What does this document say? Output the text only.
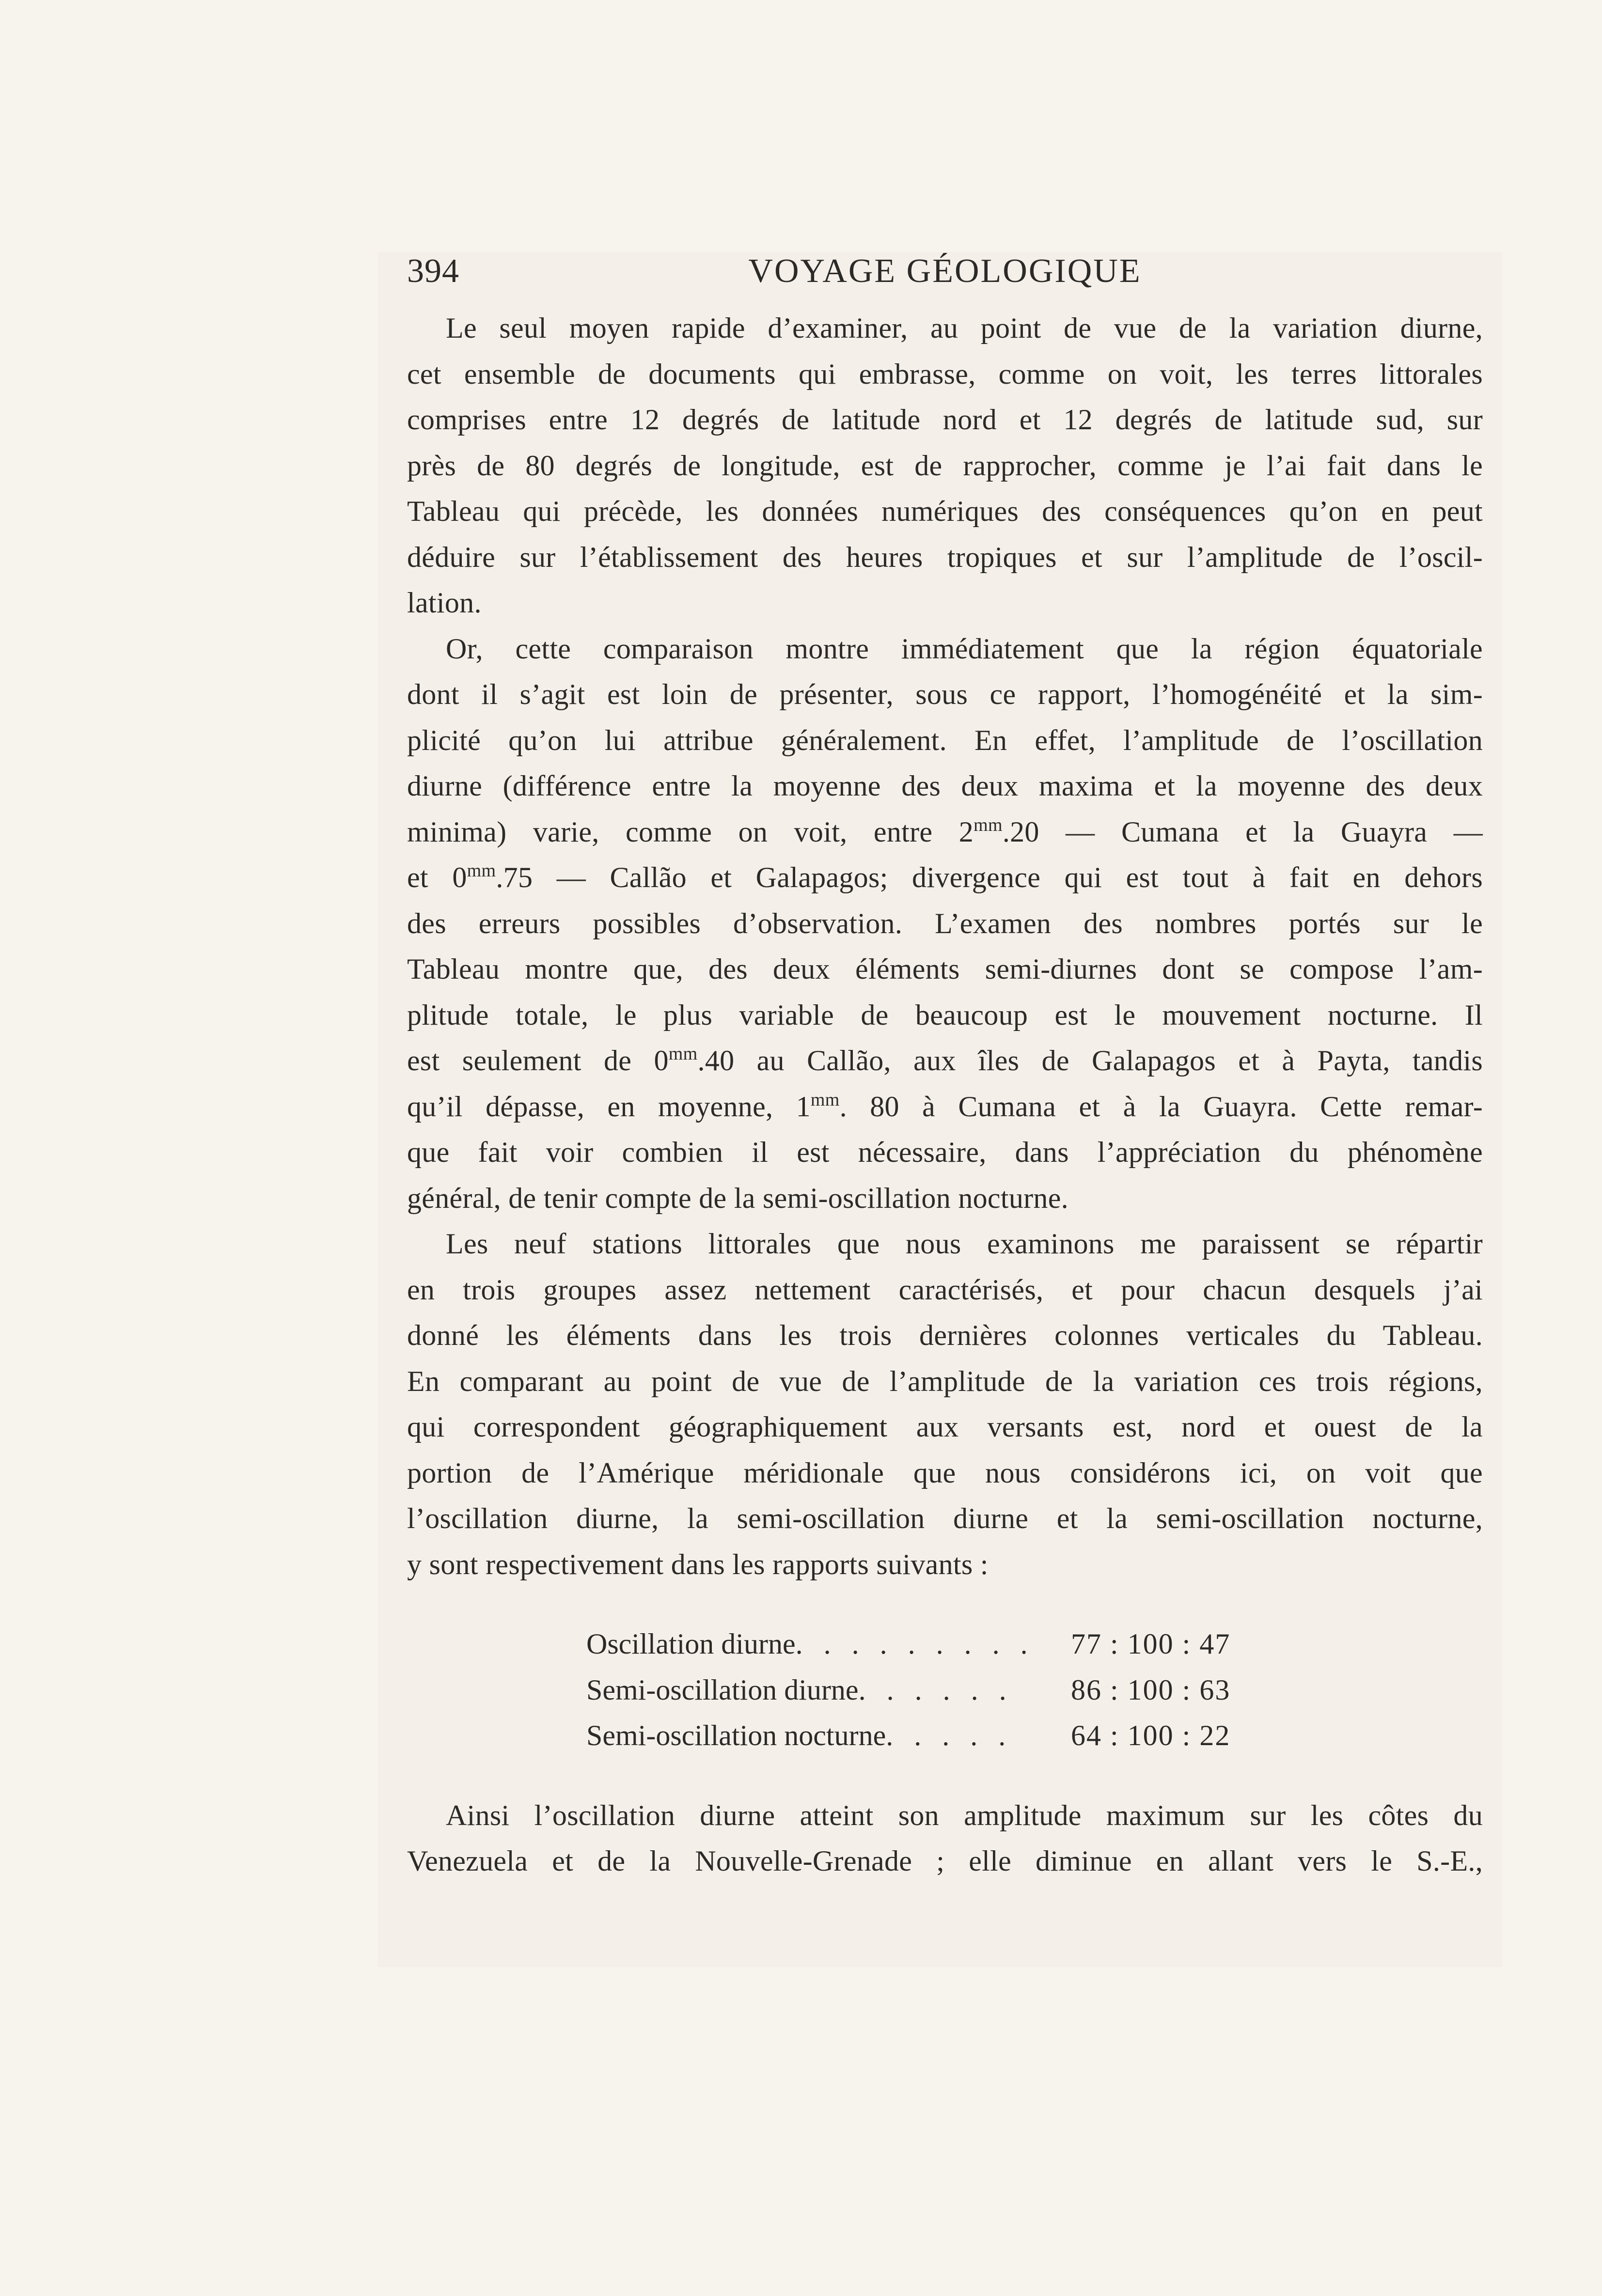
394	VOYAGE GÉOLOGIQUE

Le seul moyen rapide d’examiner, au point de vue de la variation diurne,
cet ensemble de documents qui embrasse, comme on voit, les terres littorales
comprises entre 12 degrés de latitude nord et 12 degrés de latitude sud, sur
près de 80 degrés de longitude, est de rapprocher, comme je l’ai fait dans le
Tableau qui précède, les données numériques des conséquences qu’on en peut
déduire sur l’établissement des heures tropiques et sur l’amplitude de l’oscil-
lation.

Or, cette comparaison montre immédiatement que la région équatoriale
dont il s’agit est loin de présenter, sous ce rapport, l’homogénéité et la sim-
plicité qu’on lui attribue généralement. En effet, l’amplitude de l’oscillation
diurne (différence entre la moyenne des deux maxima et la moyenne des deux
minima) varie, comme on voit, entre $2^{mm}.20$ — Cumana et la Guayra —
et $0^{mm}.75$ — Callão et Galapagos; divergence qui est tout à fait en dehors
des erreurs possibles d’observation. L’examen des nombres portés sur le
Tableau montre que, des deux éléments semi-diurnes dont se compose l’am-
plitude totale, le plus variable de beaucoup est le mouvement nocturne. Il
est seulement de $0^{mm}.40$ au Callão, aux îles de Galapagos et à Payta, tandis
qu’il dépasse, en moyenne, $1^{mm}$. 80 à Cumana et à la Guayra. Cette remar-
que fait voir combien il est nécessaire, dans l’appréciation du phénomène
général, de tenir compte de la semi-oscillation nocturne.

Les neuf stations littorales que nous examinons me paraissent se répartir
en trois groupes assez nettement caractérisés, et pour chacun desquels j’ai
donné les éléments dans les trois dernières colonnes verticales du Tableau.
En comparant au point de vue de l’amplitude de la variation ces trois régions,
qui correspondent géographiquement aux versants est, nord et ouest de la
portion de l’Amérique méridionale que nous considérons ici, on voit que
l’oscillation diurne, la semi-oscillation diurne et la semi-oscillation nocturne,
y sont respectivement dans les rapports suivants :

Oscillation diurne . . . . . . . . .	77 : 100 : 47
Semi-oscillation diurne . . . . . .	86 : 100 : 63
Semi-oscillation nocturne . . . . .	64 : 100 : 22

Ainsi l’oscillation diurne atteint son amplitude maximum sur les côtes du
Venezuela et de la Nouvelle-Grenade ; elle diminue en allant vers le S.-E.,
